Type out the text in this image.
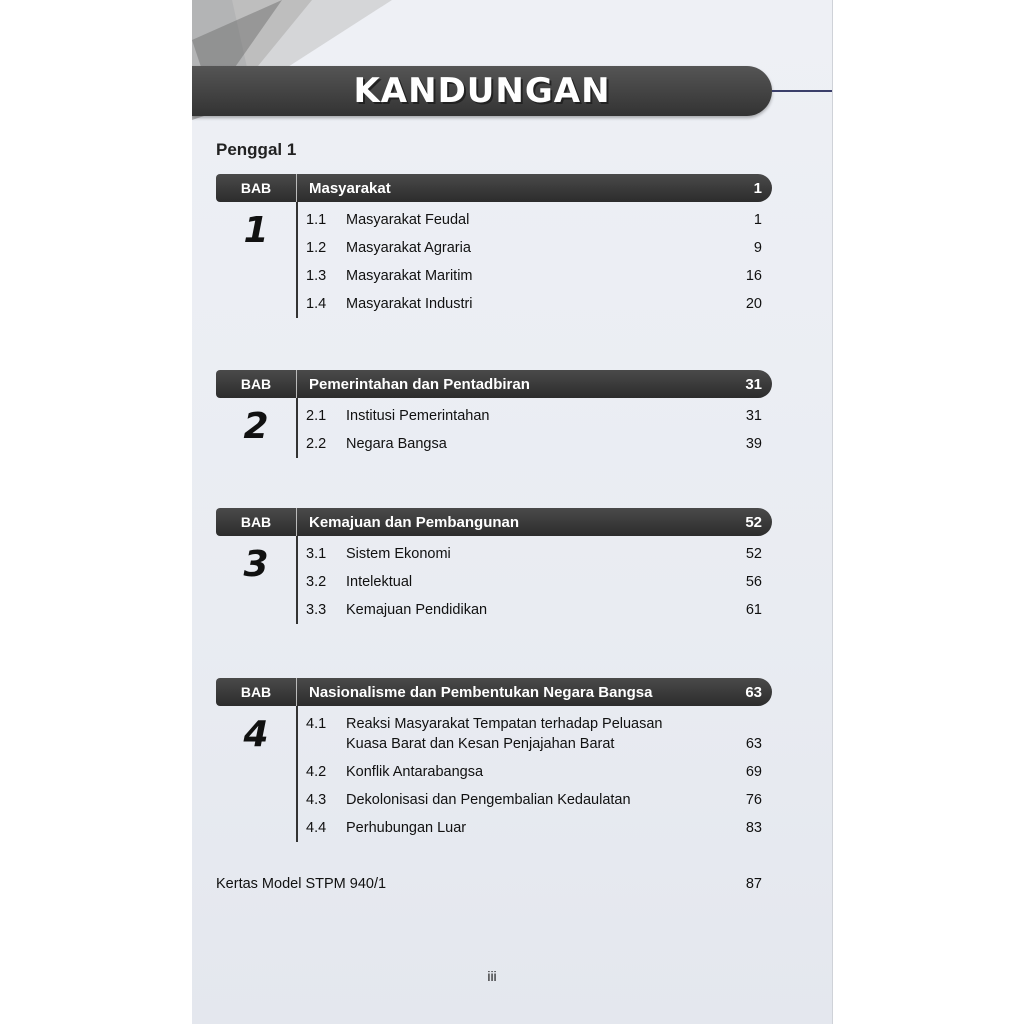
KANDUNGAN
Penggal 1
BAB	Masyarakat	1
1	1.1	Masyarakat Feudal	1
1.2	Masyarakat Agraria	9
1.3	Masyarakat Maritim	16
1.4	Masyarakat Industri	20
BAB	Pemerintahan dan Pentadbiran	31
2	2.1	Institusi Pemerintahan	31
2.2	Negara Bangsa	39
BAB	Kemajuan dan Pembangunan	52
3	3.1	Sistem Ekonomi	52
3.2	Intelektual	56
3.3	Kemajuan Pendidikan	61
BAB	Nasionalisme dan Pembentukan Negara Bangsa	63
4	4.1	Reaksi Masyarakat Tempatan terhadap Peluasan Kuasa Barat dan Kesan Penjajahan Barat	63
4.2	Konflik Antarabangsa	69
4.3	Dekolonisasi dan Pengembalian Kedaulatan	76
4.4	Perhubungan Luar	83
Kertas Model STPM 940/1	87
iii
